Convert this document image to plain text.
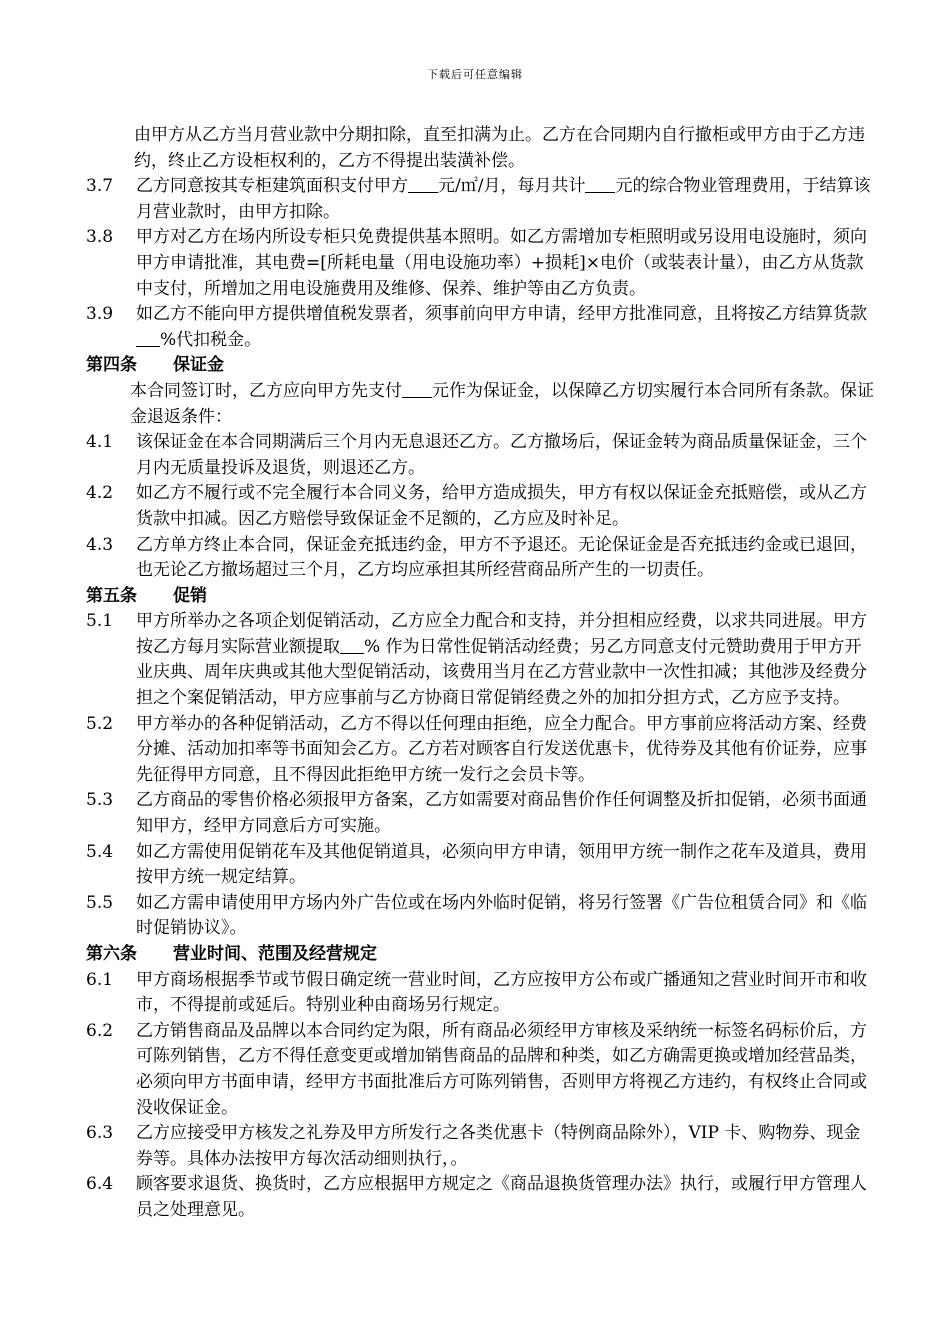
下载后可任意编辑

由甲方从乙方当月营业款中分期扣除，直至扣满为止。乙方在合同期内自行撤柜或甲方由于乙方违约，终止乙方设柜权利的，乙方不得提出装潢补偿。

3.7	乙方同意按其专柜建筑面积支付甲方 元/㎡/月，每月共计 元的综合物业管理费用，于结算该月营业款时，由甲方扣除。
3.8	甲方对乙方在场内所设专柜只免费提供基本照明。如乙方需增加专柜照明或另设用电设施时，须向甲方申请批准，其电费=[所耗电量（用电设施功率）+损耗]×电价（或装表计量），由乙方从货款中支付，所增加之用电设施费用及维修、保养、维护等由乙方负责。
3.9	如乙方不能向甲方提供增值税发票者，须事前向甲方申请，经甲方批准同意，且将按乙方结算货款%代扣税金。
第四条 保证金

本合同签订时，乙方应向甲方先支付 元作为保证金，以保障乙方切实履行本合同所有条款。保证金退返条件：

4.1	该保证金在本合同期满后三个月内无息退还乙方。乙方撤场后，保证金转为商品质量保证金，三个月内无质量投诉及退货，则退还乙方。
4.2	如乙方不履行或不完全履行本合同义务，给甲方造成损失，甲方有权以保证金充抵赔偿，或从乙方货款中扣减。因乙方赔偿导致保证金不足额的，乙方应及时补足。
4.3	乙方单方终止本合同，保证金充抵违约金，甲方不予退还。无论保证金是否充抵违约金或已退回，也无论乙方撤场超过三个月，乙方均应承担其所经营商品所产生的一切责任。
第五条 促销
5.1	甲方所举办之各项企划促销活动，乙方应全力配合和支持，并分担相应经费，以求共同进展。甲方按乙方每月实际营业额提取 % 作为日常性促销活动经费；另乙方同意支付元赞助费用于甲方开业庆典、周年庆典或其他大型促销活动，该费用当月在乙方营业款中一次性扣减；其他涉及经费分担之个案促销活动，甲方应事前与乙方协商日常促销经费之外的加扣分担方式，乙方应予支持。
5.2	甲方举办的各种促销活动，乙方不得以任何理由拒绝，应全力配合。甲方事前应将活动方案、经费分摊、活动加扣率等书面知会乙方。乙方若对顾客自行发送优惠卡，优待券及其他有价证券，应事先征得甲方同意，且不得因此拒绝甲方统一发行之会员卡等。
5.3	乙方商品的零售价格必须报甲方备案，乙方如需要对商品售价作任何调整及折扣促销，必须书面通知甲方，经甲方同意后方可实施。
5.4	如乙方需使用促销花车及其他促销道具，必须向甲方申请，领用甲方统一制作之花车及道具，费用按甲方统一规定结算。
5.5	如乙方需申请使用甲方场内外广告位或在场内外临时促销，将另行签署《广告位租赁合同》和《临时促销协议》。
第六条 营业时间、范围及经营规定
6.1	甲方商场根据季节或节假日确定统一营业时间，乙方应按甲方公布或广播通知之营业时间开市和收市，不得提前或延后。特别业种由商场另行规定。
6.2	乙方销售商品及品牌以本合同约定为限，所有商品必须经甲方审核及采纳统一标签名码标价后，方可陈列销售，乙方不得任意变更或增加销售商品的品牌和种类，如乙方确需更换或增加经营品类，必须向甲方书面申请，经甲方书面批准后方可陈列销售，否则甲方将视乙方违约，有权终止合同或没收保证金。
6.3	乙方应接受甲方核发之礼券及甲方所发行之各类优惠卡（特例商品除外），VIP 卡、购物券、现金券等。具体办法按甲方每次活动细则执行，。
6.4	顾客要求退货、换货时，乙方应根据甲方规定之《商品退换货管理办法》执行，或履行甲方管理人员之处理意见。
